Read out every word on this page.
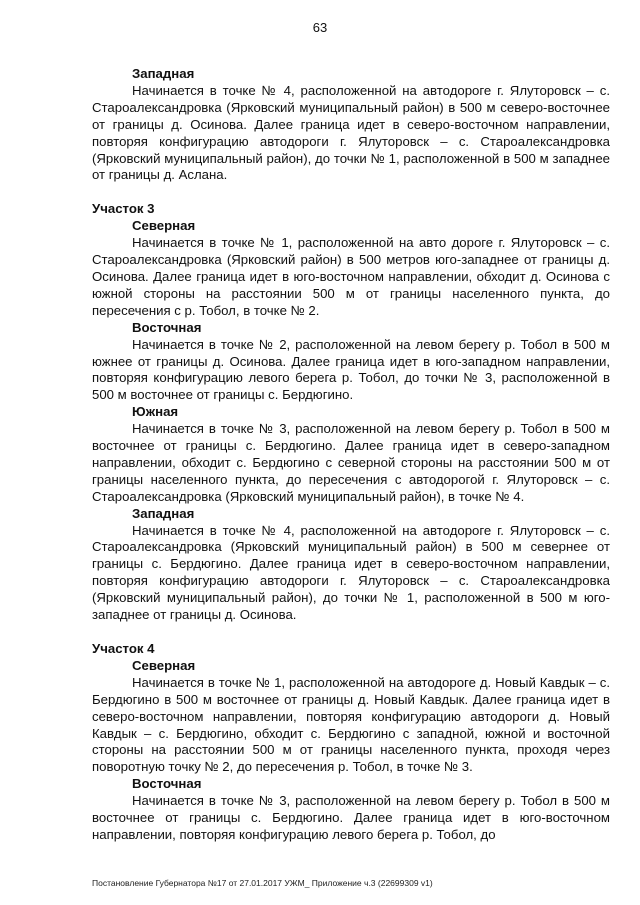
63
Западная

Начинается в точке № 4, расположенной на автодороге г. Ялуторовск – с. Староалександровка (Ярковский муниципальный район) в 500 м северо-восточнее от границы д. Осинова. Далее граница идет в северо-восточном направлении, повторяя конфигурацию автодороги г. Ялуторовск – с. Староалександровка (Ярковский муниципальный район), до точки № 1, расположенной в 500 м западнее от границы д. Аслана.

Участок 3
Северная

Начинается в точке № 1, расположенной на авто дороге г. Ялуторовск – с. Староалександровка (Ярковский район) в 500 метров юго-западнее от границы д. Осинова. Далее граница идет в юго-восточном направлении, обходит д. Осинова с южной стороны на расстоянии 500 м от границы населенного пункта, до пересечения с р. Тобол, в точке № 2.

Восточная

Начинается в точке № 2, расположенной на левом берегу р. Тобол в 500 м южнее от границы д. Осинова. Далее граница идет в юго-западном направлении, повторяя конфигурацию левого берега р. Тобол, до точки № 3, расположенной в 500 м восточнее от границы с. Бердюгино.

Южная

Начинается в точке № 3, расположенной на левом берегу р. Тобол в 500 м восточнее от границы с. Бердюгино. Далее граница идет в северо-западном направлении, обходит с. Бердюгино с северной стороны на расстоянии 500 м от границы населенного пункта, до пересечения с автодорогой г. Ялуторовск – с. Староалександровка (Ярковский муниципальный район), в точке № 4.

Западная

Начинается в точке № 4, расположенной на автодороге г. Ялуторовск – с. Староалександровка (Ярковский муниципальный район) в 500 м севернее от границы с. Бердюгино. Далее граница идет в северо-восточном направлении, повторяя конфигурацию автодороги г. Ялуторовск – с. Староалександровка (Ярковский муниципальный район), до точки № 1, расположенной в 500 м юго-западнее от границы д. Осинова.

Участок 4
Северная

Начинается в точке № 1, расположенной на автодороге д. Новый Кавдык – с. Бердюгино в 500 м восточнее от границы д. Новый Кавдык. Далее граница идет в северо-восточном направлении, повторяя конфигурацию автодороги д. Новый Кавдык – с. Бердюгино, обходит с. Бердюгино с западной, южной и восточной стороны на расстоянии 500 м от границы населенного пункта, проходя через поворотную точку № 2, до пересечения р. Тобол, в точке № 3.

Восточная

Начинается в точке № 3, расположенной на левом берегу р. Тобол в 500 м восточнее от границы с. Бердюгино. Далее граница идет в юго-восточном направлении, повторяя конфигурацию левого берега р. Тобол, до

Постановление Губернатора №17 от 27.01.2017 УЖМ_ Приложение ч.3 (22699309 v1)
